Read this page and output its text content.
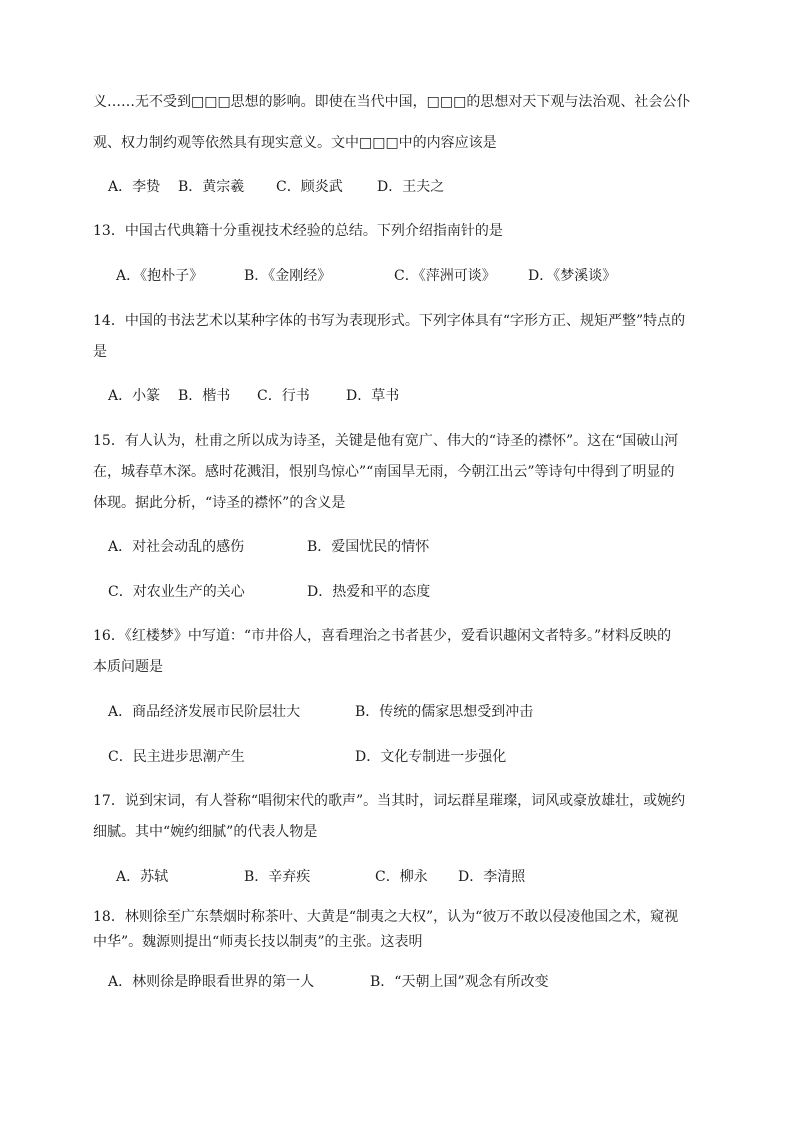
义……无不受到□□□思想的影响。即使在当代中国，□□□的思想对天下观与法治观、社会公仆
观、权力制约观等依然具有现实意义。文中□□□中的内容应该是
A．李贽 B．黄宗羲 C．顾炎武 D．王夫之
13．中国古代典籍十分重视技术经验的总结。下列介绍指南针的是
A．《抱朴子》	B．《金刚经》	C．《萍洲可谈》 D．《梦溪谈》
14．中国的书法艺术以某种字体的书写为表现形式。下列字体具有“字形方正、规矩严整”特点的
是
A．小篆 B．楷书 C．行书	D．草书
15．有人认为，杜甫之所以成为诗圣，关键是他有宽广、伟大的“诗圣的襟怀”。这在“国破山河
在，城春草木深。感时花溅泪，恨别鸟惊心”“南国旱无雨，今朝江出云”等诗句中得到了明显的
体现。据此分析，“诗圣的襟怀”的含义是
A．对社会动乱的感伤	B．爱国忧民的情怀
C．对农业生产的关心	D．热爱和平的态度
16．《红楼梦》中写道：“市井俗人，喜看理治之书者甚少，爱看识趣闲文者特多。”材料反映的
本质问题是
A．商品经济发展市民阶层壮大	B．传统的儒家思想受到冲击
C．民主进步思潮产生	D．文化专制进一步强化
17．说到宋词，有人誉称“唱彻宋代的歌声”。当其时，词坛群星璀璨，词风或豪放雄壮，或婉约
细腻。其中“婉约细腻”的代表人物是
A．苏轼	B．辛弃疾	C．柳永 D．李清照
18．林则徐至广东禁烟时称茶叶、大黄是“制夷之大权”，认为“彼万不敢以侵凌他国之术，窥视
中华”。魏源则提出“师夷长技以制夷”的主张。这表明
A．林则徐是睁眼看世界的第一人	B．“天朝上国”观念有所改变
